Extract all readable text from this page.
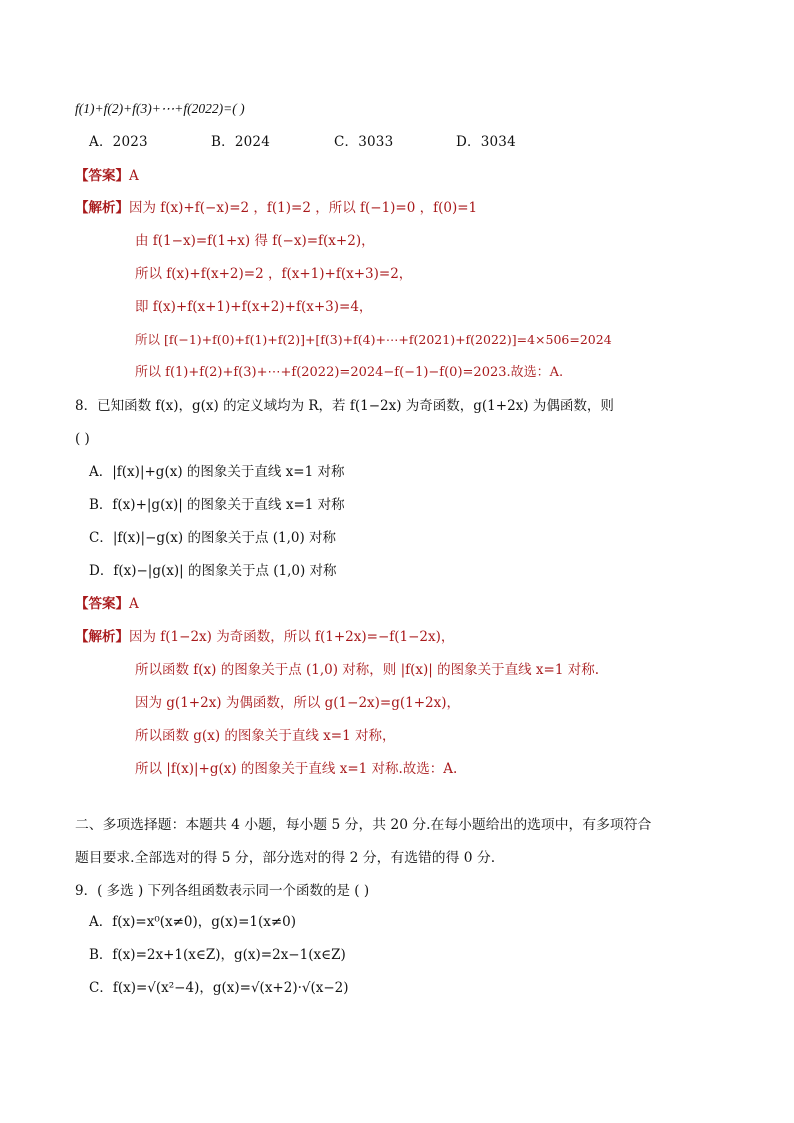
f(1)+f(2)+f(3)+⋯+f(2022)=( )
A．2023	B．2024	C．3033	D．3034
【答案】A
【解析】因为 f(x)+f(−x)=2 ，f(1)=2 ，所以 f(−1)=0 ，f(0)=1
由 f(1−x)=f(1+x) 得 f(−x)=f(x+2)，
所以 f(x)+f(x+2)=2 ，f(x+1)+f(x+3)=2，
即 f(x)+f(x+1)+f(x+2)+f(x+3)=4，
所以 [f(−1)+f(0)+f(1)+f(2)]+[f(3)+f(4)+⋯+f(2021)+f(2022)]=4×506=2024
所以 f(1)+f(2)+f(3)+⋯+f(2022)=2024−f(−1)−f(0)=2023.故选：A.
8．已知函数 f(x)，g(x) 的定义域均为 R，若 f(1−2x) 为奇函数，g(1+2x) 为偶函数，则
( )
A．|f(x)|+g(x) 的图象关于直线 x=1 对称
B．f(x)+|g(x)| 的图象关于直线 x=1 对称
C．|f(x)|−g(x) 的图象关于点 (1,0) 对称
D．f(x)−|g(x)| 的图象关于点 (1,0) 对称
【答案】A
【解析】因为 f(1−2x) 为奇函数，所以 f(1+2x)=−f(1−2x)，
所以函数 f(x) 的图象关于点 (1,0) 对称，则 |f(x)| 的图象关于直线 x=1 对称.
因为 g(1+2x) 为偶函数，所以 g(1−2x)=g(1+2x)，
所以函数 g(x) 的图象关于直线 x=1 对称，
所以 |f(x)|+g(x) 的图象关于直线 x=1 对称.故选：A.
二、多项选择题：本题共 4 小题，每小题 5 分，共 20 分.在每小题给出的选项中，有多项符合
题目要求.全部选对的得 5 分，部分选对的得 2 分，有选错的得 0 分.
9．( 多选 ) 下列各组函数表示同一个函数的是 ( )
A．f(x)=x⁰(x≠0)，g(x)=1(x≠0)
B．f(x)=2x+1(x∈Z)，g(x)=2x−1(x∈Z)
C．f(x)=√(x²−4)，g(x)=√(x+2)·√(x−2)
